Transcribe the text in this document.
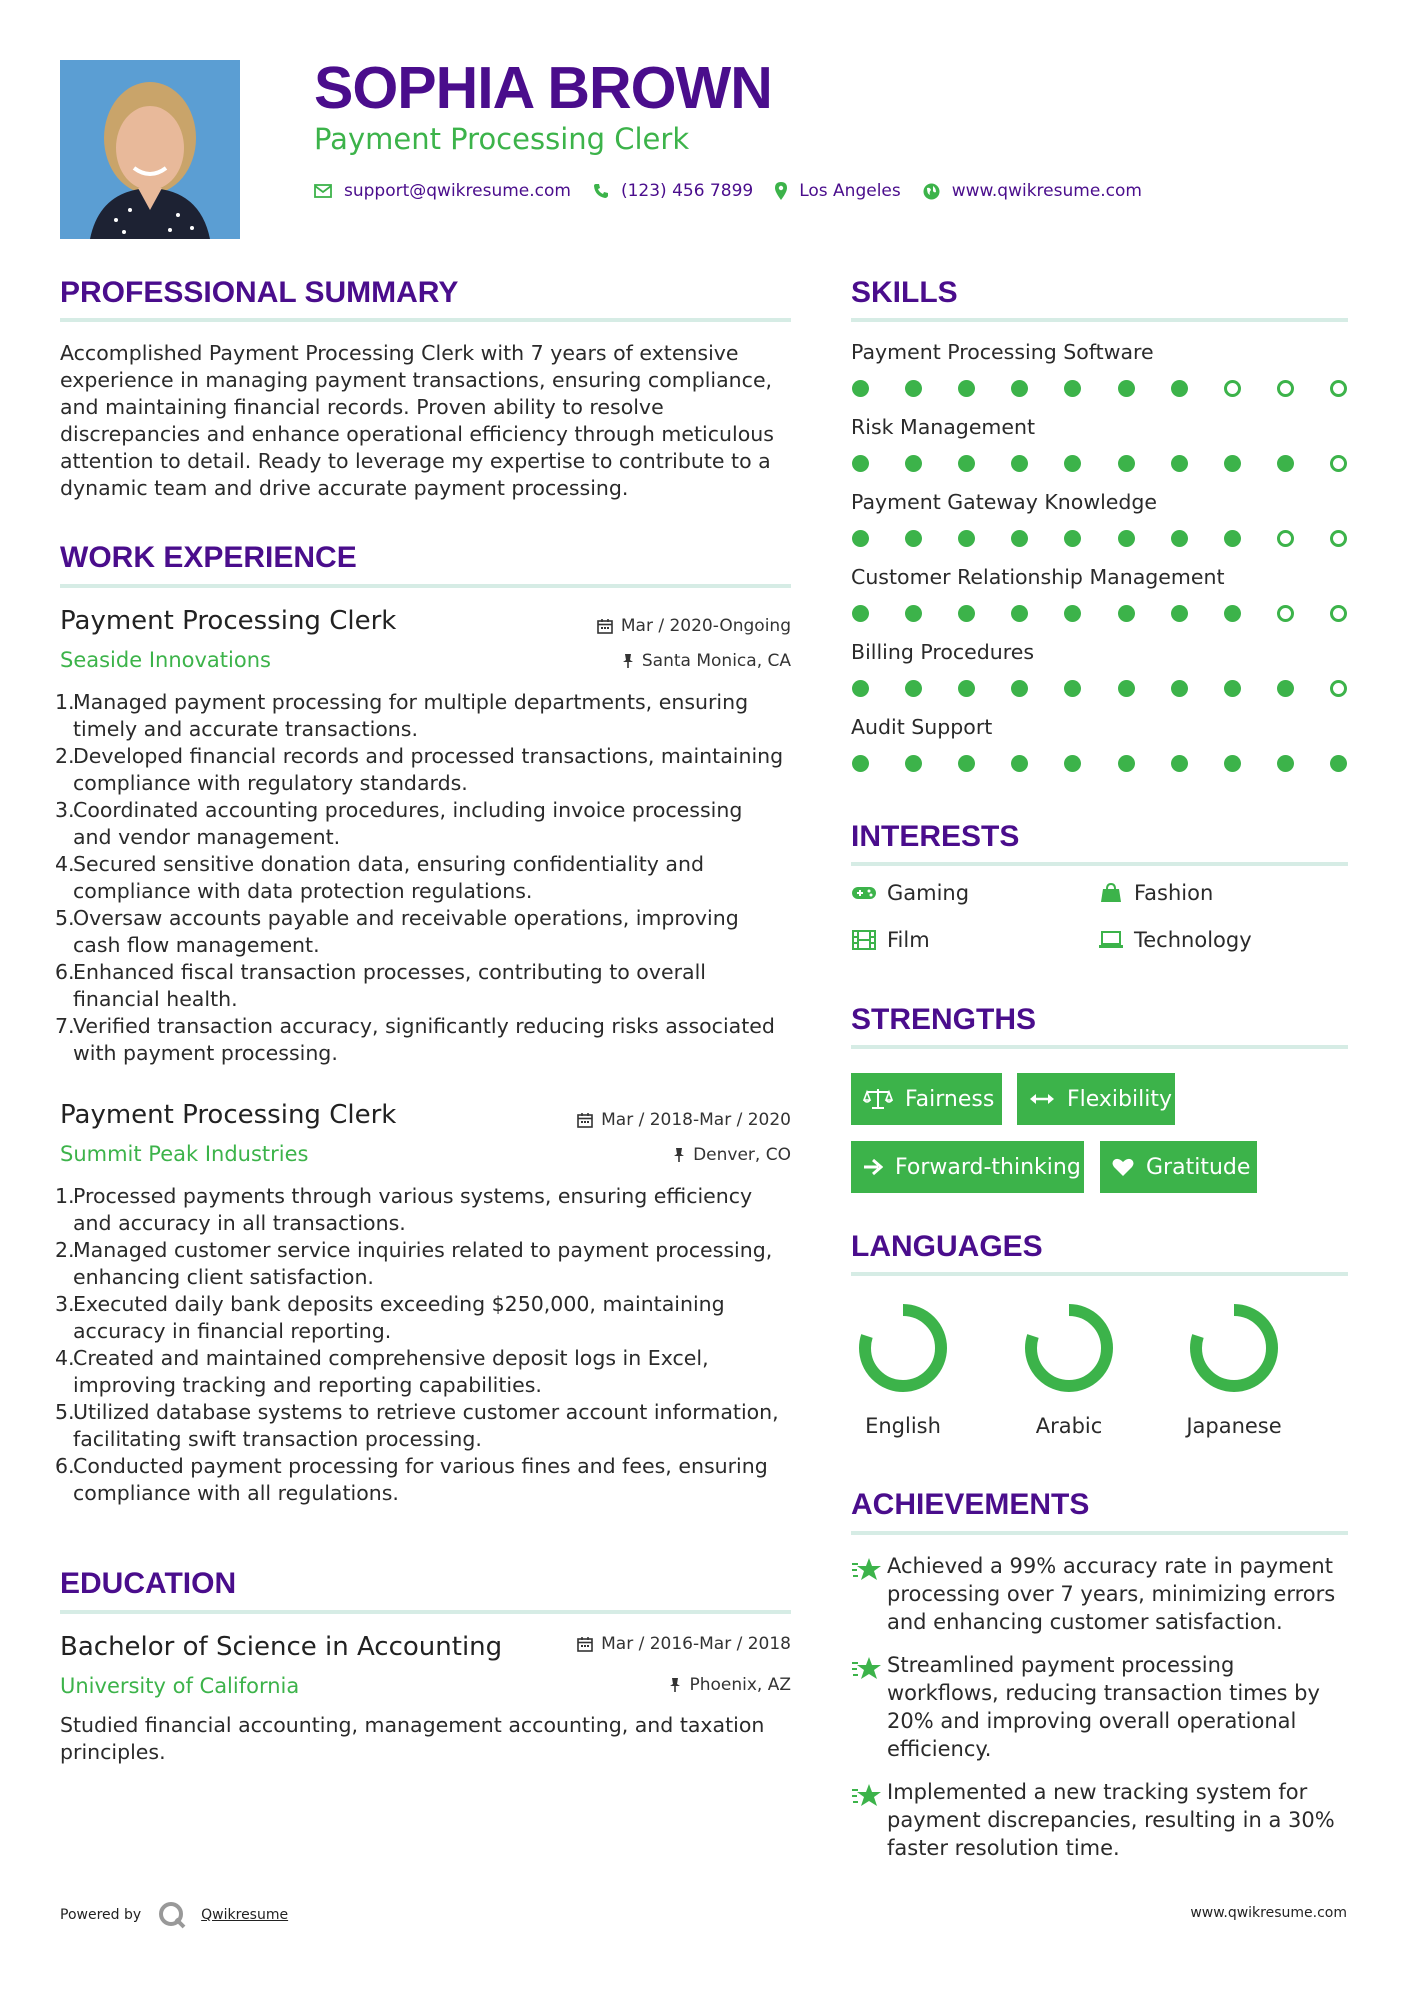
SOPHIA BROWN
Payment Processing Clerk
support@qwikresume.com	(123) 456 7899	Los Angeles	www.qwikresume.com
PROFESSIONAL SUMMARY
Accomplished Payment Processing Clerk with 7 years of extensive
experience in managing payment transactions, ensuring compliance,
and maintaining financial records. Proven ability to resolve
discrepancies and enhance operational efficiency through meticulous
attention to detail. Ready to leverage my expertise to contribute to a
dynamic team and drive accurate payment processing.
WORK EXPERIENCE
Payment Processing Clerk
Seaside Innovations
Mar / 2020-Ongoing
Santa Monica, CA
1.
Managed payment processing for multiple departments, ensuring
timely and accurate transactions.
2.
Developed financial records and processed transactions, maintaining
compliance with regulatory standards.
3.
Coordinated accounting procedures, including invoice processing
and vendor management.
4.
Secured sensitive donation data, ensuring confidentiality and
compliance with data protection regulations.
5.
Oversaw accounts payable and receivable operations, improving
cash flow management.
6.
Enhanced fiscal transaction processes, contributing to overall
financial health.
7.
Verified transaction accuracy, significantly reducing risks associated
with payment processing.
Payment Processing Clerk
Summit Peak Industries
Mar / 2018-Mar / 2020
Denver, CO
1.
Processed payments through various systems, ensuring efficiency
and accuracy in all transactions.
2.
Managed customer service inquiries related to payment processing,
enhancing client satisfaction.
3.
Executed daily bank deposits exceeding $250,000, maintaining
accuracy in financial reporting.
4.
Created and maintained comprehensive deposit logs in Excel,
improving tracking and reporting capabilities.
5.
Utilized database systems to retrieve customer account information,
facilitating swift transaction processing.
6.
Conducted payment processing for various fines and fees, ensuring
compliance with all regulations.
EDUCATION
Bachelor of Science in Accounting
University of California
Mar / 2016-Mar / 2018
Phoenix, AZ
Studied financial accounting, management accounting, and taxation
principles.
SKILLS
Payment Processing Software
Risk Management
Payment Gateway Knowledge
Customer Relationship Management
Billing Procedures
Audit Support
INTERESTS
Gaming	Fashion
Film	Technology
STRENGTHS
Fairness	Flexibility
Forward-thinking	Gratitude
LANGUAGES
English	Arabic	Japanese
ACHIEVEMENTS
Achieved a 99% accuracy rate in payment
processing over 7 years, minimizing errors
and enhancing customer satisfaction.
Streamlined payment processing
workflows, reducing transaction times by
20% and improving overall operational
efficiency.
Implemented a new tracking system for
payment discrepancies, resulting in a 30%
faster resolution time.
Powered by	Qwikresume	www.qwikresume.com
